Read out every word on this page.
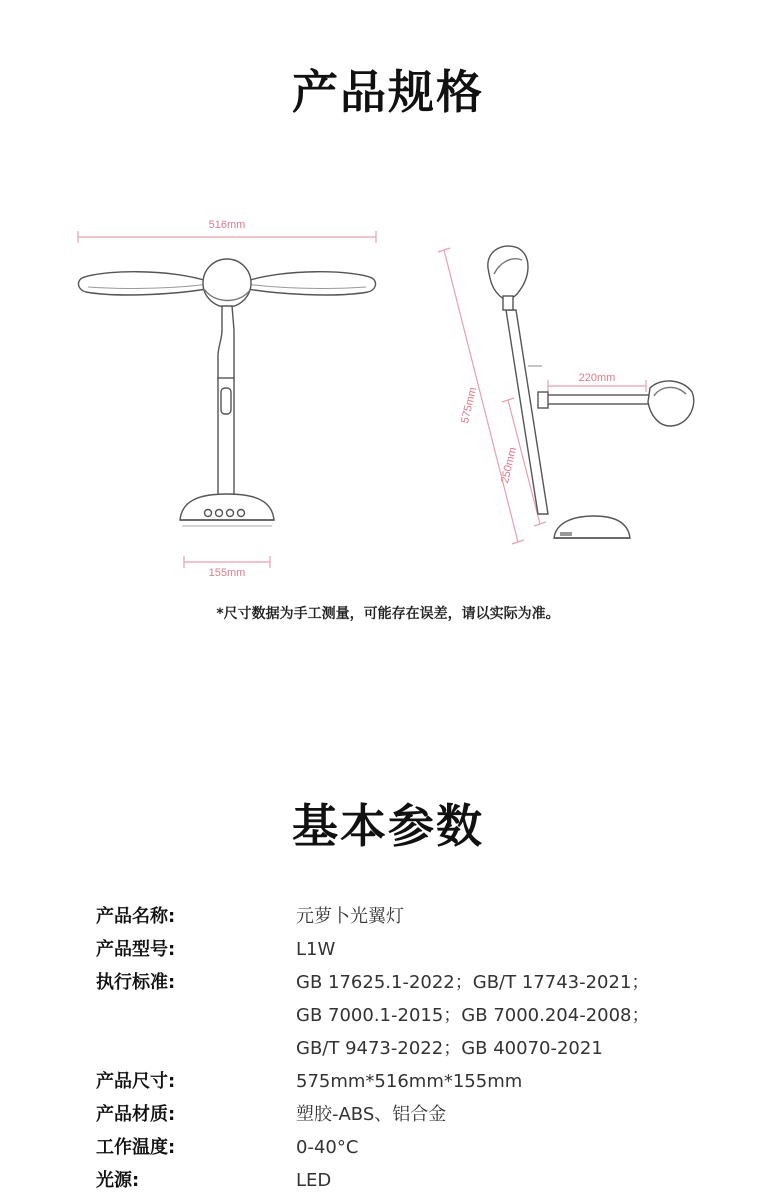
产品规格
516mm
155mm
575mm
250mm
220mm
*尺寸数据为手工测量，可能存在误差，请以实际为准。
基本参数
产品名称:	元萝卜光翼灯
产品型号:	L1W
执行标准:	GB 17625.1-2022；GB/T 17743-2021；
GB 7000.1-2015；GB 7000.204-2008；
GB/T 9473-2022；GB 40070-2021
产品尺寸:	575mm*516mm*155mm
产品材质:	塑胶-ABS、铝合金
工作温度:	0-40°C
光源:	LED
